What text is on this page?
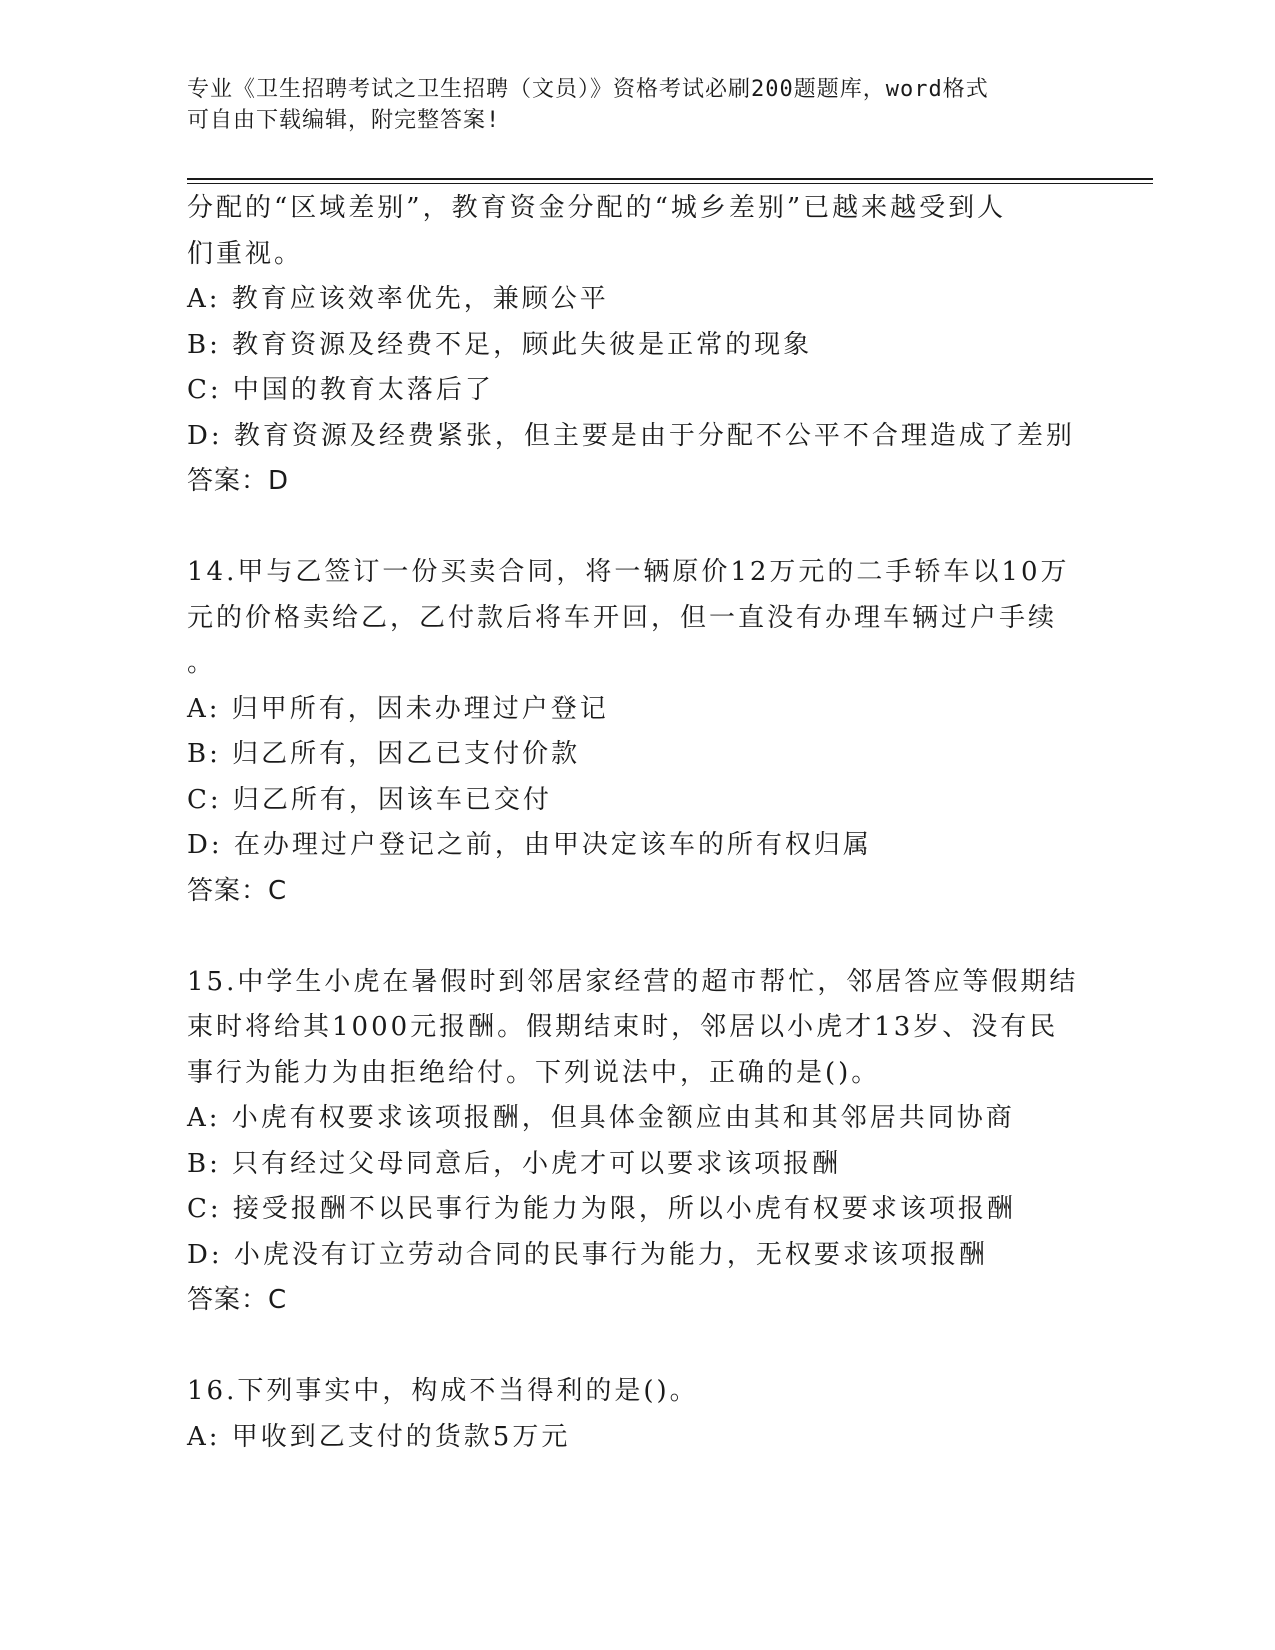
专业《卫生招聘考试之卫生招聘（文员）》资格考试必刷200题题库，word格式
可自由下载编辑，附完整答案!
分配的“区域差别”，教育资金分配的“城乡差别”已越来越受到人
们重视。
A: 教育应该效率优先，兼顾公平
B: 教育资源及经费不足，顾此失彼是正常的现象
C: 中国的教育太落后了
D: 教育资源及经费紧张，但主要是由于分配不公平不合理造成了差别
答案：D
14.甲与乙签订一份买卖合同，将一辆原价12万元的二手轿车以10万
元的价格卖给乙，乙付款后将车开回，但一直没有办理车辆过户手续
。
A: 归甲所有，因未办理过户登记
B: 归乙所有，因乙已支付价款
C: 归乙所有，因该车已交付
D: 在办理过户登记之前，由甲决定该车的所有权归属
答案：C
15.中学生小虎在暑假时到邻居家经营的超市帮忙，邻居答应等假期结
束时将给其1000元报酬。假期结束时，邻居以小虎才13岁、没有民
事行为能力为由拒绝给付。下列说法中，正确的是()。
A: 小虎有权要求该项报酬，但具体金额应由其和其邻居共同协商
B: 只有经过父母同意后，小虎才可以要求该项报酬
C: 接受报酬不以民事行为能力为限，所以小虎有权要求该项报酬
D: 小虎没有订立劳动合同的民事行为能力，无权要求该项报酬
答案：C
16.下列事实中，构成不当得利的是()。
A: 甲收到乙支付的货款5万元
